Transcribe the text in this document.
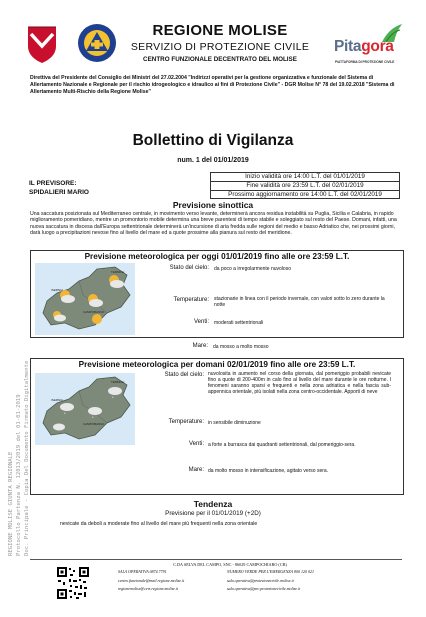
REGIONE MOLISE
SERVIZIO DI PROTEZIONE CIVILE
CENTRO FUNZIONALE DECENTRATO DEL MOLISE
Pitagora
PIATTAFORMA DI PROTEZIONE CIVILE
Direttiva del Presidente del Consiglio dei Ministri del 27.02.2004 "Indirizzi operativi per la gestione organizzativa e funzionale del Sistema di Allertamento Nazionale e Regionale per il rischio idrogeologico e idraulico ai fini di Protezione Civile" - DGR Molise N° 78 del 19.02.2018 "Sistema di Allertamento Multi-Rischio della Regione Molise"
Bollettino di Vigilanza
num. 1 del 01/01/2019
Inizio validità ore 14:00 L.T. del 01/01/2019
Fine validità ore 23:59 L.T. del 02/01/2019
Prossimo aggiornamento ore 14:00 L.T. del 02/01/2019
IL PREVISORE:
SPIDALIERI MARIO
Previsione sinottica
Una saccatura posizionata sul Mediterraneo centrale, in movimento verso levante, determinerà ancora residua instabilità su Puglia, Sicilia e Calabria, in rapido miglioramento pomeridiano, mentre un promontorio mobile determina una breve parentesi di tempo stabile e soleggiato sul resto del Paese. Domani, infatti, una nuova saccatura in discesa dall'Europa settentrionale determinerà un'incursione di aria fredda sulle regioni del medio e basso Adriatico che, nei prossimi giorni, darà luogo a precipitazioni nevose fino al livello del mare ed a quote prossime alla pianura sul resto del meridione.
Previsione meteorologica per oggi 01/01/2019 fino alle ore 23:59 L.T.
TERMOLI
ISERNIA
CAMPOBASSO
Stato del cielo: da poco a irregolarmente nuvoloso
Temperature: stazionarie in linea con il periodo invernale, con valori sotto lo zero durante la notte
Venti: moderati settentrionali
Mare: da mosso a molto mosso
Previsione meteorologica per domani 02/01/2019 fino alle ore 23:59 L.T.
*
*
*
TERMOLI
ISERNIA
CAMPOBASSO
Stato del cielo: nuvolosita in aumento nel corso della giornata, dal pomeriggio probabili nevicate fino a quote di 200-400m in calo fino al livello del mare durante le ore notturne. I fenomeni saranno sparsi e frequenti e nella zona adriatica e nella fascia sub-appennica orientale, più isolati nella zona centro-occidentale. Apporti di neve
Temperature: in sensibile diminuzione
Venti: a forte a burrasca dai quadranti settentrionali, dal pomeriggio-sera.
Mare: da molto mosso in intensificazione, agitato verso sera.
Tendenza
Previsione per il 01/01/2019 (+2D)
nevicate da deboli a moderate fino al livello del mare più frequenti nella zona orientale
C.DA SELVA DEL CAMPO, SNC - 86029 CAMPOCHIARO (CB)
SALA OPERATIVA 0874.7791
centro.funzionale@mail.regione.molise.it
regionemolise@cert.regione.molise.it
NUMERO VERDE PER L'EMERGENZA 800 120 021
sala.operativa@protezionecivile.molise.it
sala.operativa@pec.protezionecivile.molise.it
REGIONE MOLISE GIUNTA REGIONALE Protocollo Partenza N. 12013/2019 del 01-01-2019 Doc. Principale - Copia Del Documento Firmato Digitalmente
